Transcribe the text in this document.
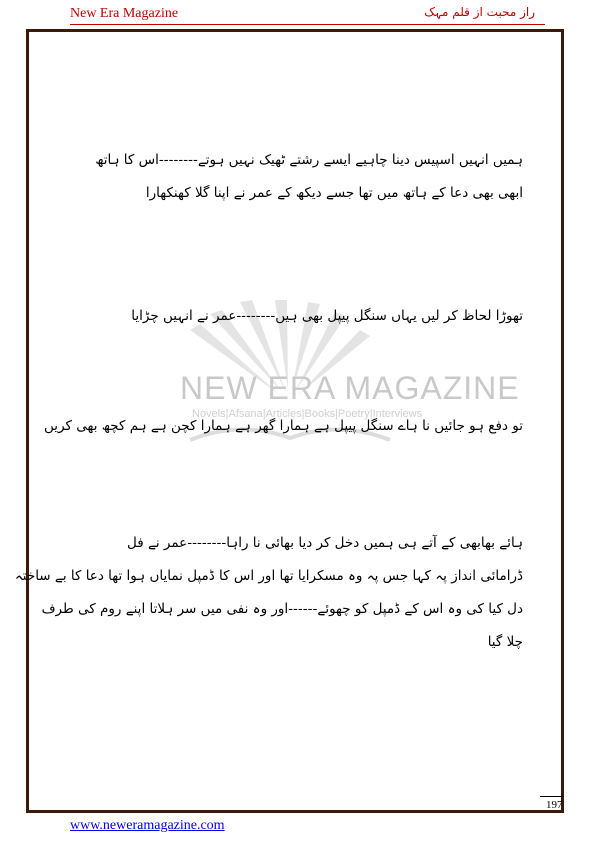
New Era Magazine	راز محبت از قلم مہک
NEW ERA MAGAZINE
Novels|Afsana|Articles|Books|Poetry|Interviews
ہمیں انہیں اسپیس دینا چاہیے ایسے رشتے ٹھیک نہیں ہوتے--------اس کا ہاتھ
ابھی بھی دعا کے ہاتھ میں تھا جسے دیکھ کے عمر نے اپنا گلا کھنکھارا
تھوڑا لحاظ کر لیں یہاں سنگل پیپل بھی ہیں--------عمر نے انہیں چڑایا
تو دفع ہو جائیں نا ہاے سنگل پیپل ہے ہمارا گھر ہے ہمارا کچن ہے ہم کچھ بھی کریں
ہائے بھابھی کے آتے ہی ہمیں دخل کر دیا بھائی نا راہا--------عمر نے فل
ڈرامائی انداز پہ کہا جس پہ وہ مسکرایا تھا اور اس کا ڈمپل نمایاں ہوا تھا دعا کا بے ساختہ
دل کیا کی وہ اس کے ڈمپل کو چھوئے------اور وہ نفی میں سر ہلاتا اپنے روم کی طرف
چلا گیا
197
www.neweramagazine.com
